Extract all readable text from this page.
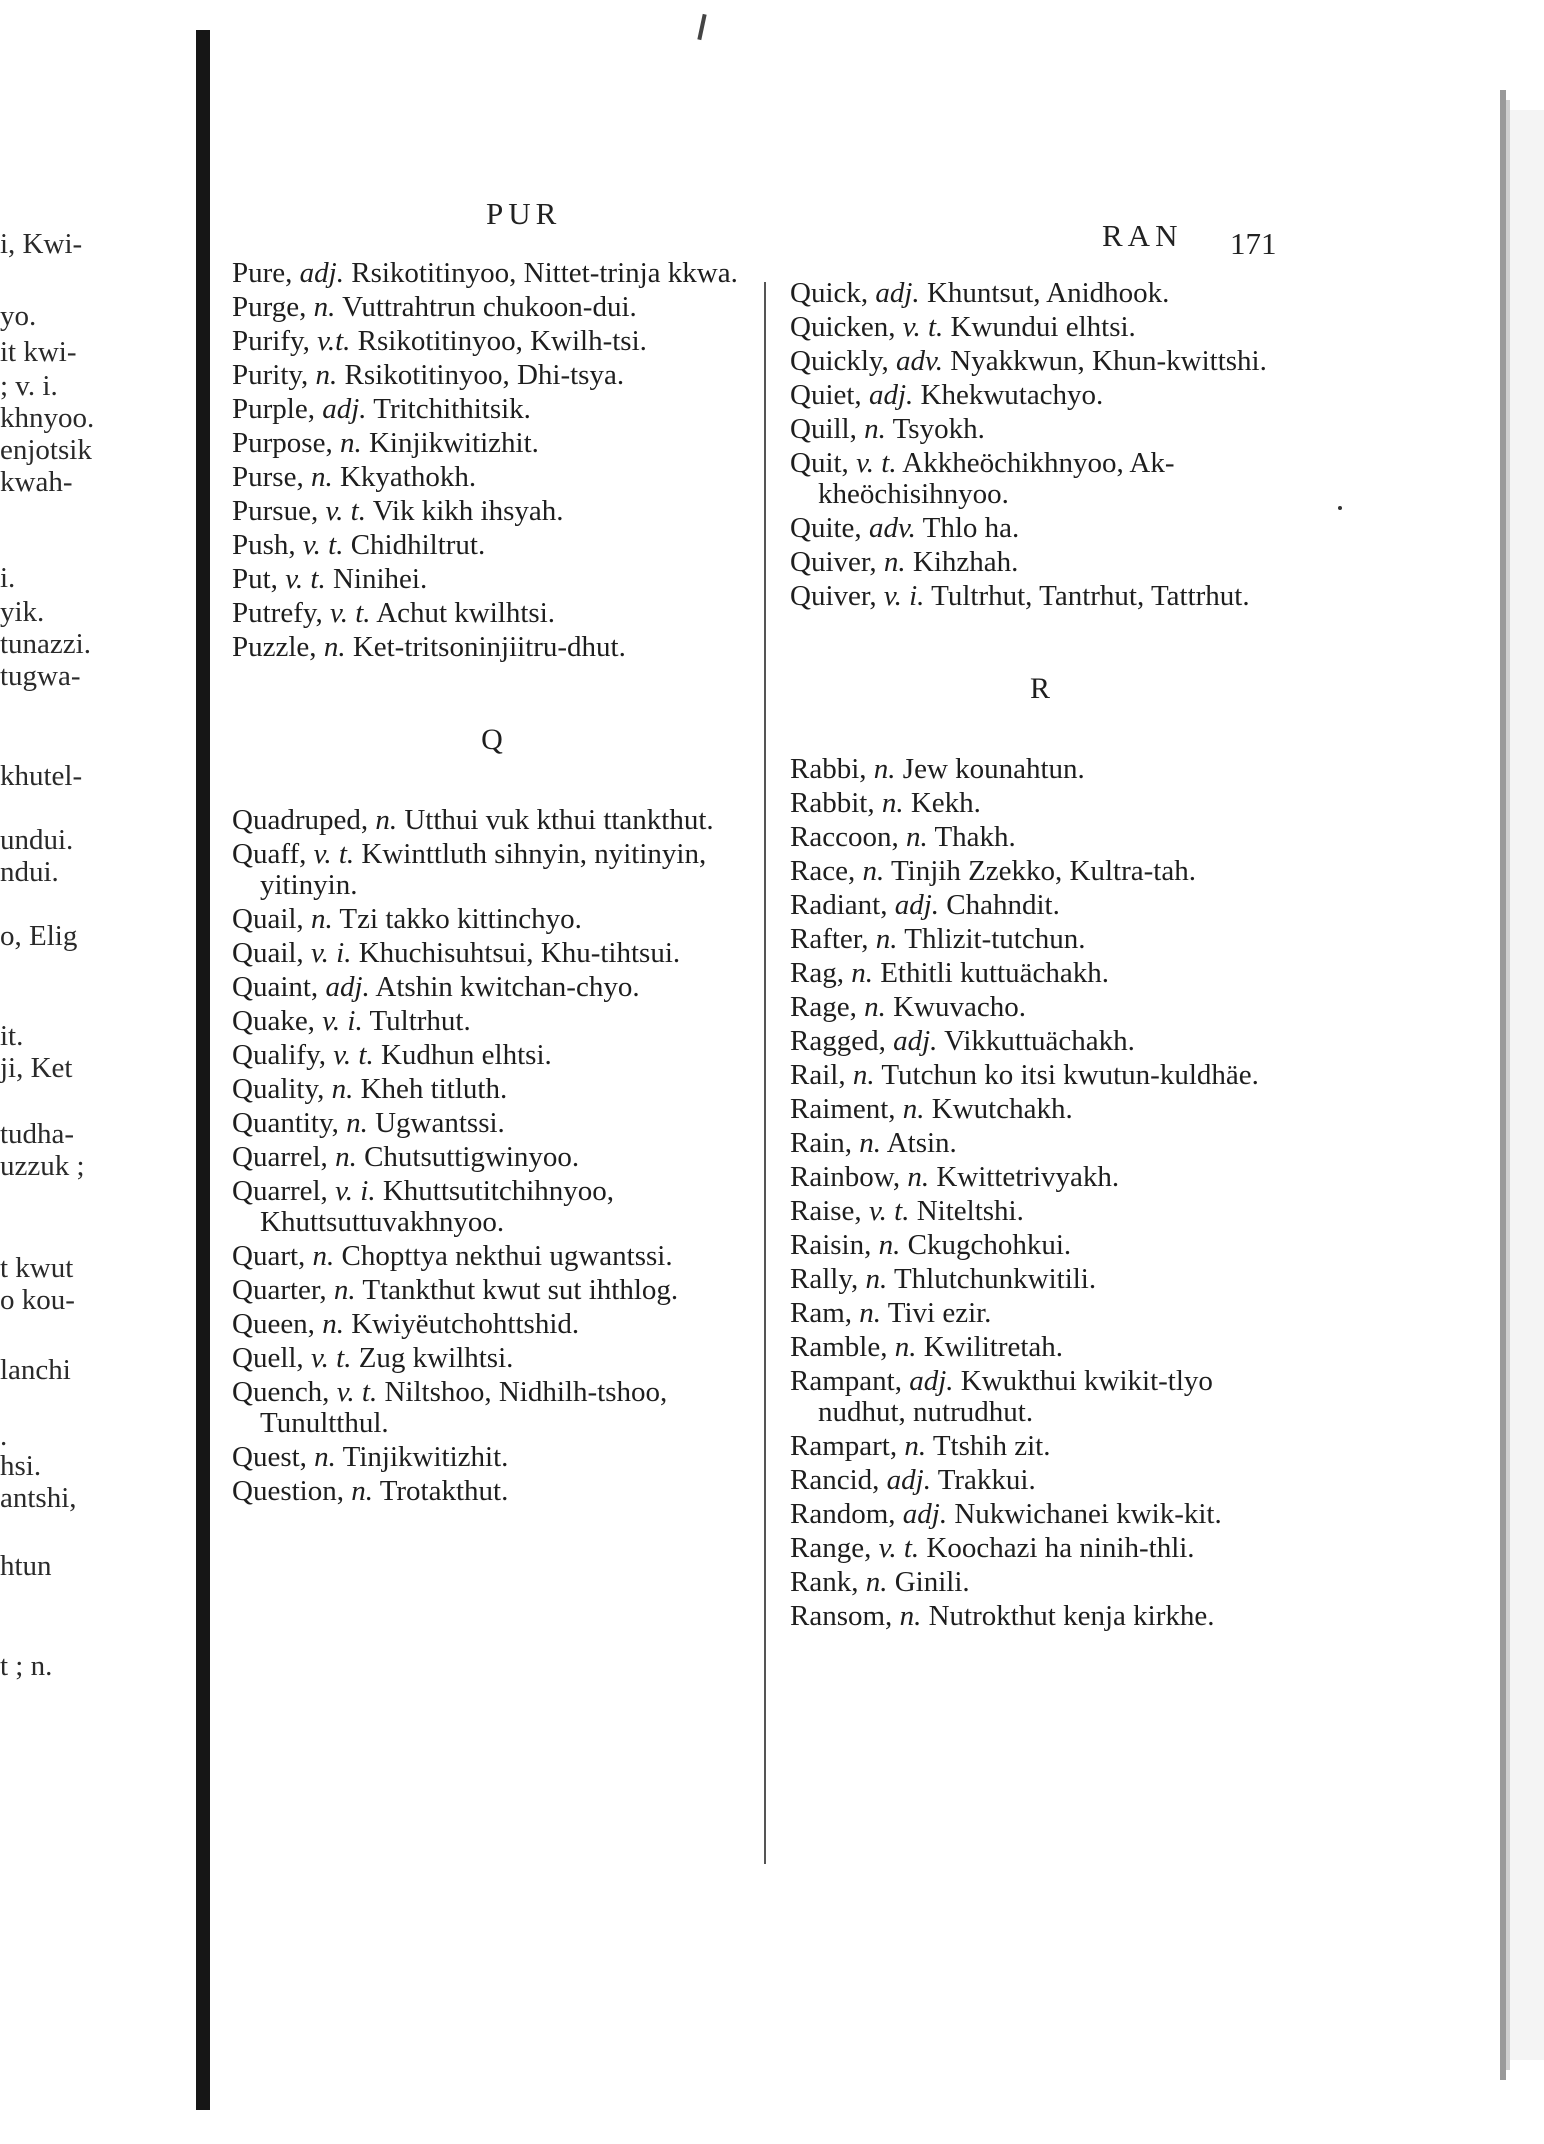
i, Kwi-
yo.
it kwi-
; v. i.
khnyoo.
enjotsik
kwah-
i.
yik.
tunazzi.
tugwa-
khutel-
undui.
ndui.
o, Elig
it.
ji, Ket
tudha-
uzzuk ;
t kwut
o kou-
lanchi
.
hsi.
antshi,
htun
t ; n.
PUR
RAN 171
Pure, adj. Rsikotitinyoo, Nittet-trinja kkwa.
Purge, n. Vuttrahtrun chukoon-dui.
Purify, v.t. Rsikotitinyoo, Kwilh-tsi.
Purity, n. Rsikotitinyoo, Dhi-tsya.
Purple, adj. Tritchithitsik.
Purpose, n. Kinjikwitizhit.
Purse, n. Kkyathokh.
Pursue, v. t. Vik kikh ihsyah.
Push, v. t. Chidhiltrut.
Put, v. t. Ninihei.
Putrefy, v. t. Achut kwilhtsi.
Puzzle, n. Ket-tritsoninjiitru-dhut.
Q
Quadruped, n. Utthui vuk kthui ttankthut.
Quaff, v. t. Kwinttluth sihnyin, nyitinyin, yitinyin.
Quail, n. Tzi takko kittinchyo.
Quail, v. i. Khuchisuhtsui, Khu-tihtsui.
Quaint, adj. Atshin kwitchan-chyo.
Quake, v. i. Tultrhut.
Qualify, v. t. Kudhun elhtsi.
Quality, n. Kheh titluth.
Quantity, n. Ugwantssi.
Quarrel, n. Chutsuttigwinyoo.
Quarrel, v. i. Khuttsutitchihnyoo, Khuttsuttuvakhnyoo.
Quart, n. Chopttya nekthui ugwantssi.
Quarter, n. Ttankthut kwut sut ihthlog.
Queen, n. Kwiyëutchohttshid.
Quell, v. t. Zug kwilhtsi.
Quench, v. t. Niltshoo, Nidhilh-tshoo, Tunultthul.
Quest, n. Tinjikwitizhit.
Question, n. Trotakthut.
Quick, adj. Khuntsut, Anidhook.
Quicken, v. t. Kwundui elhtsi.
Quickly, adv. Nyakkwun, Khun-kwittshi.
Quiet, adj. Khekwutachyo.
Quill, n. Tsyokh.
Quit, v. t. Akkheöchikhnyoo, Ak-kheöchisihnyoo.
Quite, adv. Thlo ha.
Quiver, n. Kihzhah.
Quiver, v. i. Tultrhut, Tantrhut, Tattrhut.
R
Rabbi, n. Jew kounahtun.
Rabbit, n. Kekh.
Raccoon, n. Thakh.
Race, n. Tinjih Zzekko, Kultra-tah.
Radiant, adj. Chahndit.
Rafter, n. Thlizit-tutchun.
Rag, n. Ethitli kuttuächakh.
Rage, n. Kwuvacho.
Ragged, adj. Vikkuttuächakh.
Rail, n. Tutchun ko itsi kwutun-kuldhäe.
Raiment, n. Kwutchakh.
Rain, n. Atsin.
Rainbow, n. Kwittetrivyakh.
Raise, v. t. Niteltshi.
Raisin, n. Ckugchohkui.
Rally, n. Thlutchunkwitili.
Ram, n. Tivi ezir.
Ramble, n. Kwilitretah.
Rampant, adj. Kwukthui kwikit-tlyo nudhut, nutrudhut.
Rampart, n. Ttshih zit.
Rancid, adj. Trakkui.
Random, adj. Nukwichanei kwik-kit.
Range, v. t. Koochazi ha ninih-thli.
Rank, n. Ginili.
Ransom, n. Nutrokthut kenja kirkhe.
